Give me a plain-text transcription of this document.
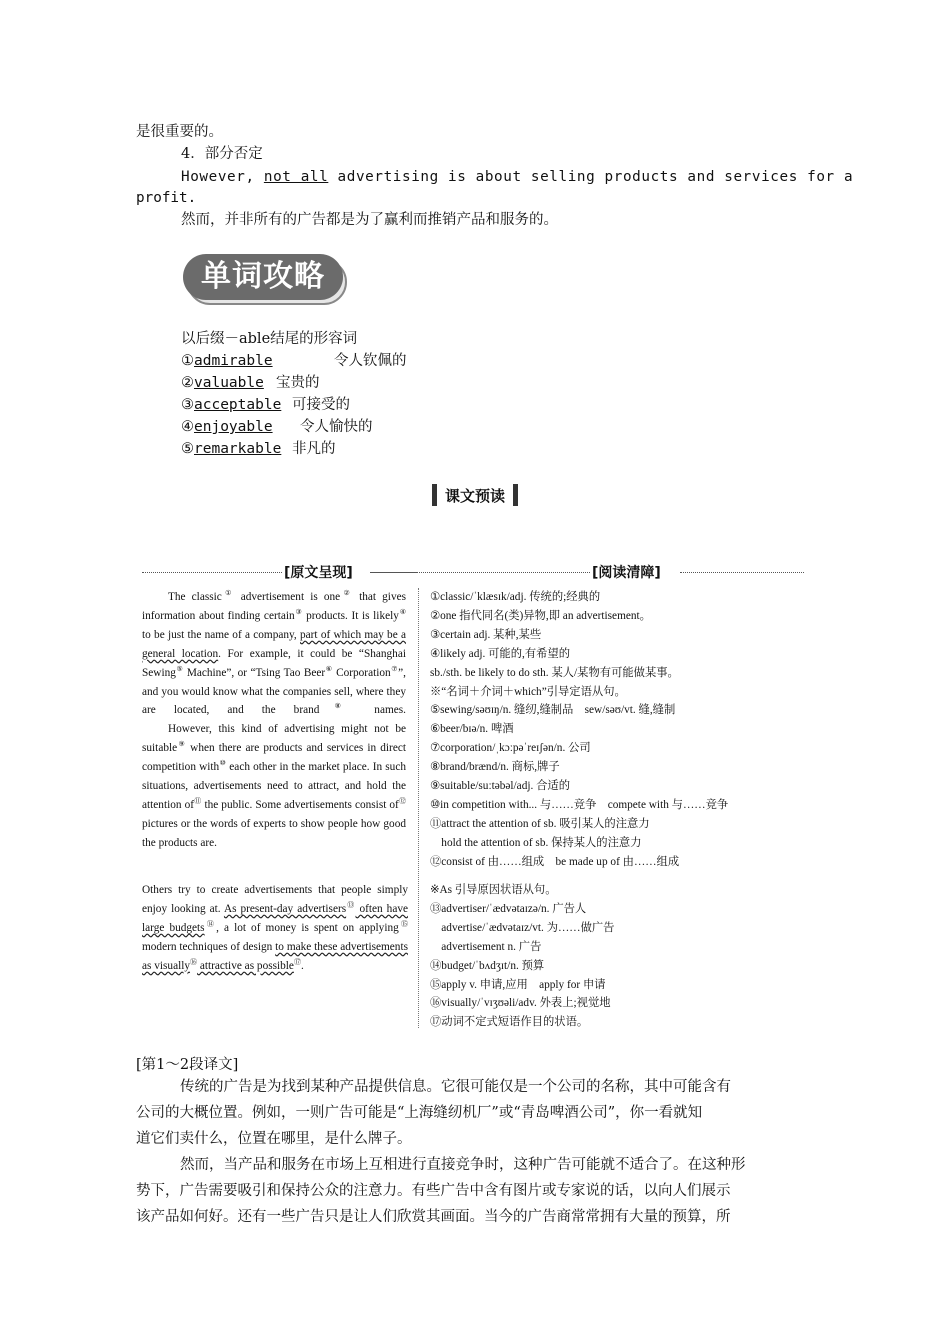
是很重要的。
4．部分否定
However, not all advertising is about selling products and services for a
profit.
然而，并非所有的广告都是为了赢利而推销产品和服务的。
单词攻略
以后缀－able结尾的形容词
①admirable	令人钦佩的
②valuable 宝贵的
③acceptable 可接受的
④enjoyable 令人愉快的
⑤remarkable 非凡的
课文预读
[原文呈现]	[阅读清障]

The classic① advertisement is one② that gives information about finding certain③ products. It is likely④ to be just the name of a company, part of which may be a general location. For example, it could be “Shanghai Sewing⑤ Machine”, or “Tsing Tao Beer⑥ Corporation⑦”, and you would know what the companies sell, where they are located, and the brand⑧ names.

However, this kind of advertising might not be suitable⑨ when there are products and services in direct competition with⑩ each other in the market place. In such situations, advertisements need to attract, and hold the attention of⑪ the public. Some advertisements consist of⑫ pictures or the words of experts to show people how good the products are.

Others try to create advertisements that people simply enjoy looking at. As present-day advertisers⑬ often have large budgets⑭, a lot of money is spent on applying⑮ modern techniques of design to make these advertisements as visually⑯ attractive as possible⑰.

①classic/ˈklæsɪk/adj. 传统的;经典的

②one 指代同名(类)异物,即 an advertisement。

③certain adj. 某种,某些

④likely adj. 可能的,有希望的

sb./sth. be likely to do sth. 某人/某物有可能做某事。

※“名词＋介词＋which”引导定语从句。

⑤sewing/səʊɪŋ/n. 缝纫,缝制品　sew/səʊ/vt. 缝,缝制

⑥beer/bɪə/n. 啤酒

⑦corporation/ˌkɔːpəˈreɪʃən/n. 公司

⑧brand/brænd/n. 商标,牌子

⑨suitable/suːtəbəl/adj. 合适的

⑩in competition with... 与……竞争　compete with 与……竞争

⑪attract the attention of sb. 吸引某人的注意力

　hold the attention of sb. 保持某人的注意力

⑫consist of 由……组成　be made up of 由……组成

※As 引导原因状语从句。

⑬advertiser/ˈædvətaɪzə/n. 广告人

　advertise/ˈædvətaɪz/vt. 为……做广告

　advertisement n. 广告

⑭budget/ˈbʌdʒɪt/n. 预算

⑮apply v. 申请,应用　apply for 申请

⑯visually/ˈvɪʒʊəli/adv. 外表上;视觉地

⑰动词不定式短语作目的状语。

[第1～2段译文]
传统的广告是为找到某种产品提供信息。它很可能仅是一个公司的名称，其中可能含有
公司的大概位置。例如，一则广告可能是“上海缝纫机厂”或“青岛啤酒公司”，你一看就知
道它们卖什么，位置在哪里，是什么牌子。
然而，当产品和服务在市场上互相进行直接竞争时，这种广告可能就不适合了。在这种形
势下，广告需要吸引和保持公众的注意力。有些广告中含有图片或专家说的话，以向人们展示
该产品如何好。还有一些广告只是让人们欣赏其画面。当今的广告商常常拥有大量的预算，所
